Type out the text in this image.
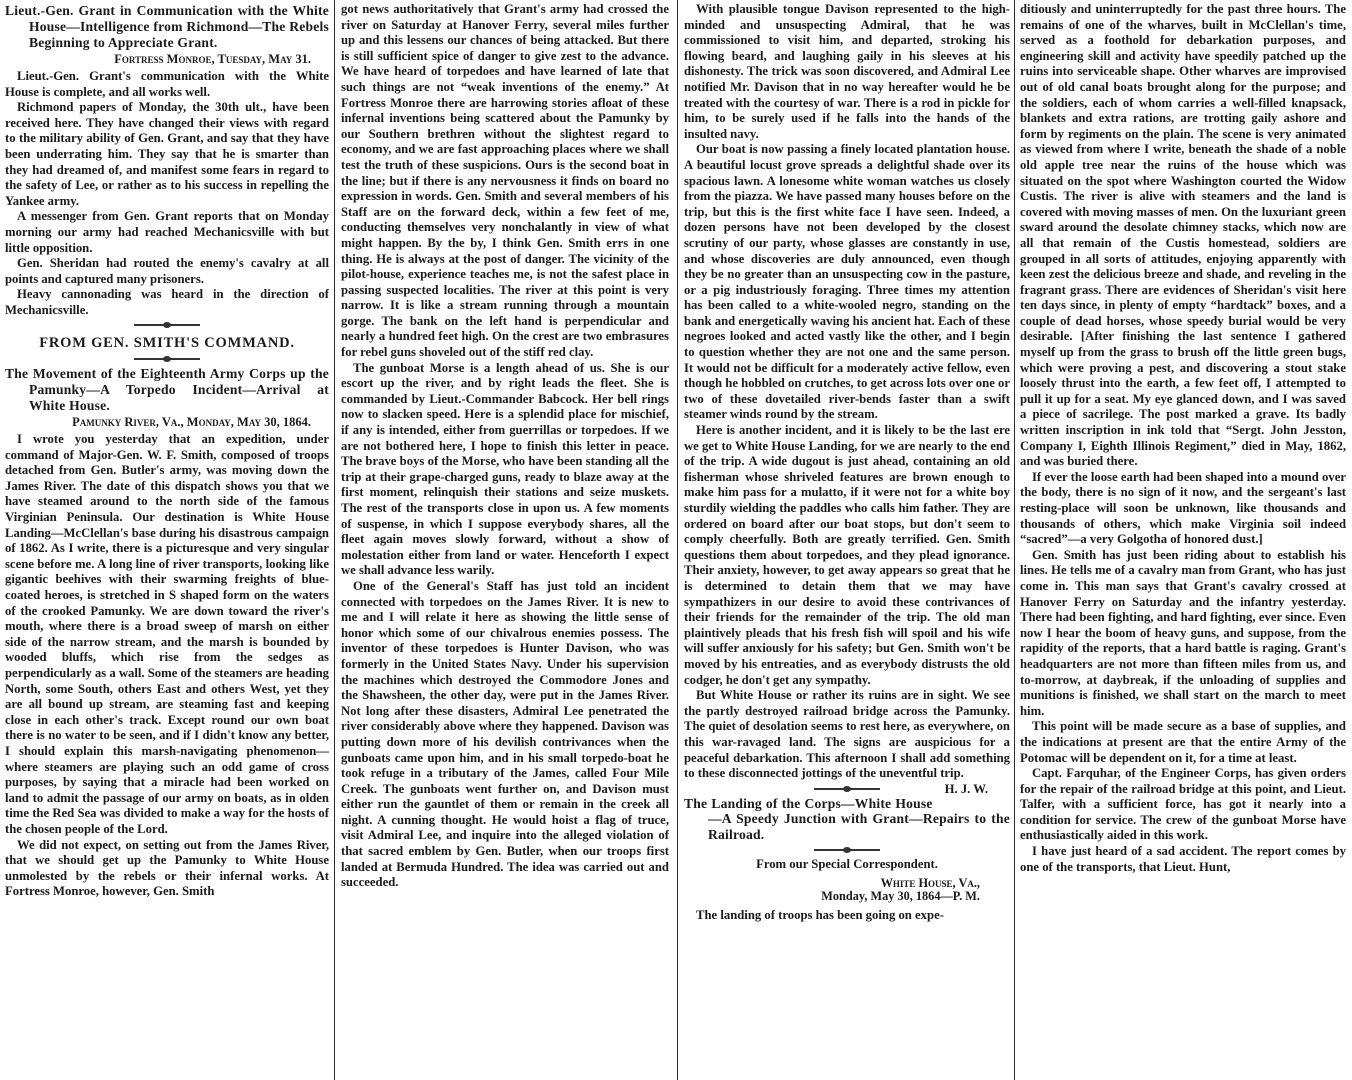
Lieut.-Gen. Grant in Communication with the White House—Intelligence from Richmond—The Rebels Beginning to Appreciate Grant.
Fortress Monroe, Tuesday, May 31.

Lieut.-Gen. Grant's communication with the White House is complete, and all works well.

Richmond papers of Monday, the 30th ult., have been received here. They have changed their views with regard to the military ability of Gen. Grant, and say that they have been underrating him. They say that he is smarter than they had dreamed of, and manifest some fears in regard to the safety of Lee, or rather as to his success in repelling the Yankee army.

A messenger from Gen. Grant reports that on Monday morning our army had reached Mechanicsville with but little opposition.

Gen. Sheridan had routed the enemy's cavalry at all points and captured many prisoners.

Heavy cannonading was heard in the direction of Mechanicsville.

FROM GEN. SMITH'S COMMAND.
The Movement of the Eighteenth Army Corps up the Pamunky—A Torpedo Incident—Arrival at White House.
Pamunky River, Va., Monday, May 30, 1864.

I wrote you yesterday that an expedition, under command of Major-Gen. W. F. Smith, composed of troops detached from Gen. Butler's army, was moving down the James River. The date of this dispatch shows you that we have steamed around to the north side of the famous Virginian Peninsula. Our destination is White House Landing—McClellan's base during his disastrous campaign of 1862. As I write, there is a picturesque and very singular scene before me. A long line of river transports, looking like gigantic beehives with their swarming freights of blue-coated heroes, is stretched in S shaped form on the waters of the crooked Pamunky. We are down toward the river's mouth, where there is a broad sweep of marsh on either side of the narrow stream, and the marsh is bounded by wooded bluffs, which rise from the sedges as perpendicularly as a wall. Some of the steamers are heading North, some South, others East and others West, yet they are all bound up stream, are steaming fast and keeping close in each other's track. Except round our own boat there is no water to be seen, and if I didn't know any better, I should explain this marsh-navigating phenomenon—where steamers are playing such an odd game of cross purposes, by saying that a miracle had been worked on land to admit the passage of our army on boats, as in olden time the Red Sea was divided to make a way for the hosts of the chosen people of the Lord.

We did not expect, on setting out from the James River, that we should get up the Pamunky to White House unmolested by the rebels or their infernal works. At Fortress Monroe, however, Gen. Smith

got news authoritatively that Grant's army had crossed the river on Saturday at Hanover Ferry, several miles further up and this lessens our chances of being attacked. But there is still sufficient spice of danger to give zest to the advance. We have heard of torpedoes and have learned of late that such things are not “weak inventions of the enemy.” At Fortress Monroe there are harrowing stories afloat of these infernal inventions being scattered about the Pamunky by our Southern brethren without the slightest regard to economy, and we are fast approaching places where we shall test the truth of these suspicions. Ours is the second boat in the line; but if there is any nervousness it finds on board no expression in words. Gen. Smith and several members of his Staff are on the forward deck, within a few feet of me, conducting themselves very nonchalantly in view of what might happen. By the by, I think Gen. Smith errs in one thing. He is always at the post of danger. The vicinity of the pilot-house, experience teaches me, is not the safest place in passing suspected localities. The river at this point is very narrow. It is like a stream running through a mountain gorge. The bank on the left hand is perpendicular and nearly a hundred feet high. On the crest are two embrasures for rebel guns shoveled out of the stiff red clay.

The gunboat Morse is a length ahead of us. She is our escort up the river, and by right leads the fleet. She is commanded by Lieut.-Commander Babcock. Her bell rings now to slacken speed. Here is a splendid place for mischief, if any is intended, either from guerrillas or torpedoes. If we are not bothered here, I hope to finish this letter in peace. The brave boys of the Morse, who have been standing all the trip at their grape-charged guns, ready to blaze away at the first moment, relinquish their stations and seize muskets. The rest of the transports close in upon us. A few moments of suspense, in which I suppose everybody shares, all the fleet again moves slowly forward, without a show of molestation either from land or water. Henceforth I expect we shall advance less warily.

One of the General's Staff has just told an incident connected with torpedoes on the James River. It is new to me and I will relate it here as showing the little sense of honor which some of our chivalrous enemies possess. The inventor of these torpedoes is Hunter Davison, who was formerly in the United States Navy. Under his supervision the machines which destroyed the Commodore Jones and the Shawsheen, the other day, were put in the James River. Not long after these disasters, Admiral Lee penetrated the river considerably above where they happened. Davison was putting down more of his devilish contrivances when the gunboats came upon him, and in his small torpedo-boat he took refuge in a tributary of the James, called Four Mile Creek. The gunboats went further on, and Davison must either run the gauntlet of them or remain in the creek all night. A cunning thought. He would hoist a flag of truce, visit Admiral Lee, and inquire into the alleged violation of that sacred emblem by Gen. Butler, when our troops first landed at Bermuda Hundred. The idea was carried out and succeeded.

With plausible tongue Davison represented to the high-minded and unsuspecting Admiral, that he was commissioned to visit him, and departed, stroking his flowing beard, and laughing gaily in his sleeves at his dishonesty. The trick was soon discovered, and Admiral Lee notified Mr. Davison that in no way hereafter would he be treated with the courtesy of war. There is a rod in pickle for him, to be surely used if he falls into the hands of the insulted navy.

Our boat is now passing a finely located plantation house. A beautiful locust grove spreads a delightful shade over its spacious lawn. A lonesome white woman watches us closely from the piazza. We have passed many houses before on the trip, but this is the first white face I have seen. Indeed, a dozen persons have not been developed by the closest scrutiny of our party, whose glasses are constantly in use, and whose discoveries are duly announced, even though they be no greater than an unsuspecting cow in the pasture, or a pig industriously foraging. Three times my attention has been called to a white-wooled negro, standing on the bank and energetically waving his ancient hat. Each of these negroes looked and acted vastly like the other, and I begin to question whether they are not one and the same person. It would not be difficult for a moderately active fellow, even though he hobbled on crutches, to get across lots over one or two of these dovetailed river-bends faster than a swift steamer winds round by the stream.

Here is another incident, and it is likely to be the last ere we get to White House Landing, for we are nearly to the end of the trip. A wide dugout is just ahead, containing an old fisherman whose shriveled features are brown enough to make him pass for a mulatto, if it were not for a white boy sturdily wielding the paddles who calls him father. They are ordered on board after our boat stops, but don't seem to comply cheerfully. Both are greatly terrified. Gen. Smith questions them about torpedoes, and they plead ignorance. Their anxiety, however, to get away appears so great that he is determined to detain them that we may have sympathizers in our desire to avoid these contrivances of their friends for the remainder of the trip. The old man plaintively pleads that his fresh fish will spoil and his wife will suffer anxiously for his safety; but Gen. Smith won't be moved by his entreaties, and as everybody distrusts the old codger, he don't get any sympathy.

But White House or rather its ruins are in sight. We see the partly destroyed railroad bridge across the Pamunky. The quiet of desolation seems to rest here, as everywhere, on this war-ravaged land. The signs are auspicious for a peaceful debarkation. This afternoon I shall add something to these disconnected jottings of the uneventful trip.
H. J. W.

The Landing of the Corps—White House—A Speedy Junction with Grant—Repairs to the Railroad.
From our Special Correspondent.
White House, Va.,
Monday, May 30, 1864—P. M.

The landing of troops has been going on expe-

ditiously and uninterruptedly for the past three hours. The remains of one of the wharves, built in McClellan's time, served as a foothold for debarkation purposes, and engineering skill and activity have speedily patched up the ruins into serviceable shape. Other wharves are improvised out of old canal boats brought along for the purpose; and the soldiers, each of whom carries a well-filled knapsack, blankets and extra rations, are trotting gaily ashore and form by regiments on the plain. The scene is very animated as viewed from where I write, beneath the shade of a noble old apple tree near the ruins of the house which was situated on the spot where Washington courted the Widow Custis. The river is alive with steamers and the land is covered with moving masses of men. On the luxuriant green sward around the desolate chimney stacks, which now are all that remain of the Custis homestead, soldiers are grouped in all sorts of attitudes, enjoying apparently with keen zest the delicious breeze and shade, and reveling in the fragrant grass. There are evidences of Sheridan's visit here ten days since, in plenty of empty “hardtack” boxes, and a couple of dead horses, whose speedy burial would be very desirable. [After finishing the last sentence I gathered myself up from the grass to brush off the little green bugs, which were proving a pest, and discovering a stout stake loosely thrust into the earth, a few feet off, I attempted to pull it up for a seat. My eye glanced down, and I was saved a piece of sacrilege. The post marked a grave. Its badly written inscription in ink told that “Sergt. John Jesston, Company I, Eighth Illinois Regiment,” died in May, 1862, and was buried there.

If ever the loose earth had been shaped into a mound over the body, there is no sign of it now, and the sergeant's last resting-place will soon be unknown, like thousands and thousands of others, which make Virginia soil indeed “sacred”—a very Golgotha of honored dust.]

Gen. Smith has just been riding about to establish his lines. He tells me of a cavalry man from Grant, who has just come in. This man says that Grant's cavalry crossed at Hanover Ferry on Saturday and the infantry yesterday. There had been fighting, and hard fighting, ever since. Even now I hear the boom of heavy guns, and suppose, from the rapidity of the reports, that a hard battle is raging. Grant's headquarters are not more than fifteen miles from us, and to-morrow, at daybreak, if the unloading of supplies and munitions is finished, we shall start on the march to meet him.

This point will be made secure as a base of supplies, and the indications at present are that the entire Army of the Potomac will be dependent on it, for a time at least.

Capt. Farquhar, of the Engineer Corps, has given orders for the repair of the railroad bridge at this point, and Lieut. Talfer, with a sufficient force, has got it nearly into a condition for service. The crew of the gunboat Morse have enthusiastically aided in this work.

I have just heard of a sad accident. The report comes by one of the transports, that Lieut. Hunt,
